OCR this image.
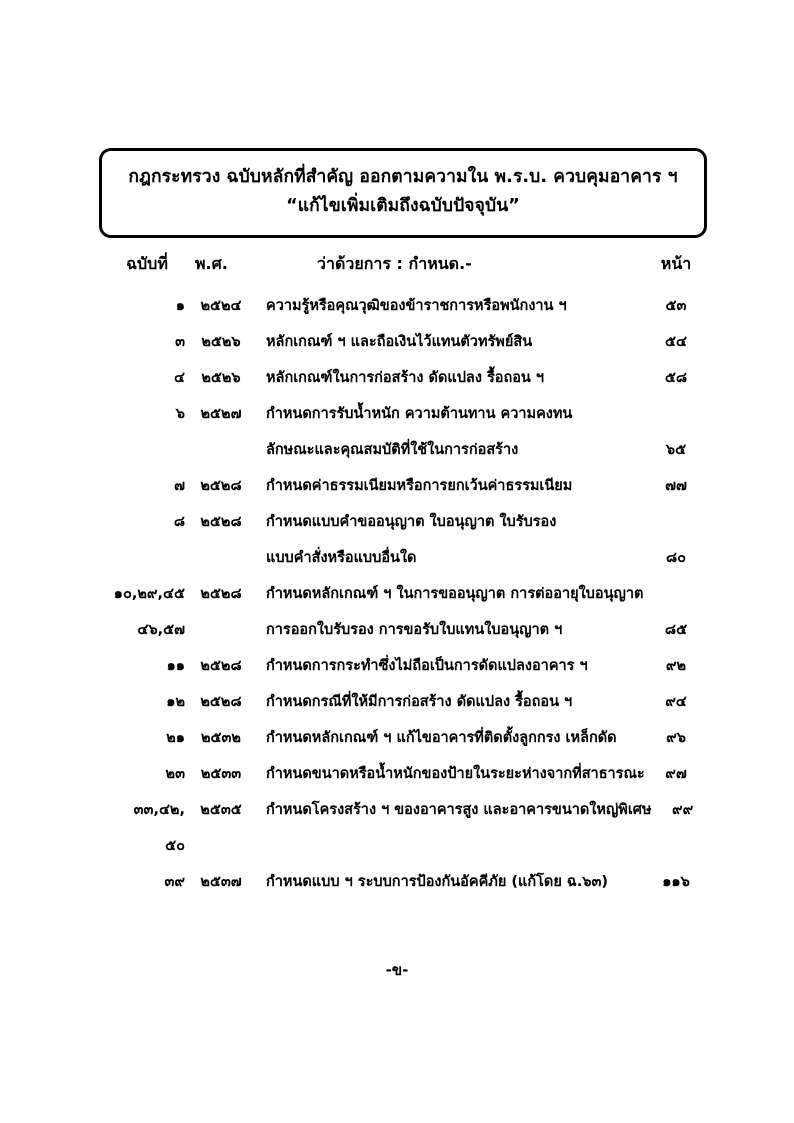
กฎกระทรวง ฉบับหลักที่สำคัญ ออกตามความใน พ.ร.บ. ควบคุมอาคาร ฯ
“แก้ไขเพิ่มเติมถึงฉบับปัจจุบัน”
ฉบับที่	พ.ศ.	ว่าด้วยการ : กำหนด.-	หน้า
๑	๒๕๒๔	ความรู้หรือคุณวุฒิของข้าราชการหรือพนักงาน ฯ	๕๓
๓	๒๕๒๖	หลักเกณฑ์ ฯ และถือเงินไว้แทนตัวทรัพย์สิน	๕๔
๔	๒๕๒๖	หลักเกณฑ์ในการก่อสร้าง ดัดแปลง รื้อถอน ฯ	๕๘
๖	๒๕๒๗	กำหนดการรับน้ำหนัก ความต้านทาน ความคงทน
ลักษณะและคุณสมบัติที่ใช้ในการก่อสร้าง	๖๕
๗	๒๕๒๘	กำหนดค่าธรรมเนียมหรือการยกเว้นค่าธรรมเนียม	๗๗
๘	๒๕๒๘	กำหนดแบบคำขออนุญาต ใบอนุญาต ใบรับรอง
แบบคำสั่งหรือแบบอื่นใด	๘๐
๑๐,๒๙,๔๕	๒๕๒๘	กำหนดหลักเกณฑ์ ฯ ในการขออนุญาต การต่ออายุใบอนุญาต
๔๖,๕๗	การออกใบรับรอง การขอรับใบแทนใบอนุญาต ฯ	๘๕
๑๑	๒๕๒๘	กำหนดการกระทำซึ่งไม่ถือเป็นการดัดแปลงอาคาร ฯ	๙๒
๑๒	๒๕๒๘	กำหนดกรณีที่ให้มีการก่อสร้าง ดัดแปลง รื้อถอน ฯ	๙๔
๒๑	๒๕๓๒	กำหนดหลักเกณฑ์ ฯ แก้ไขอาคารที่ติดตั้งลูกกรง เหล็กดัด	๙๖
๒๓	๒๕๓๓	กำหนดขนาดหรือน้ำหนักของป้ายในระยะห่างจากที่สาธารณะ	๙๗
๓๓,๔๒,	๒๕๓๕	กำหนดโครงสร้าง ฯ ของอาคารสูง และอาคารขนาดใหญ่พิเศษ	๙๙
๕๐
๓๙	๒๕๓๗	กำหนดแบบ ฯ ระบบการป้องกันอัคคีภัย (แก้โดย ฉ.๖๓)	๑๑๖
-ข-
